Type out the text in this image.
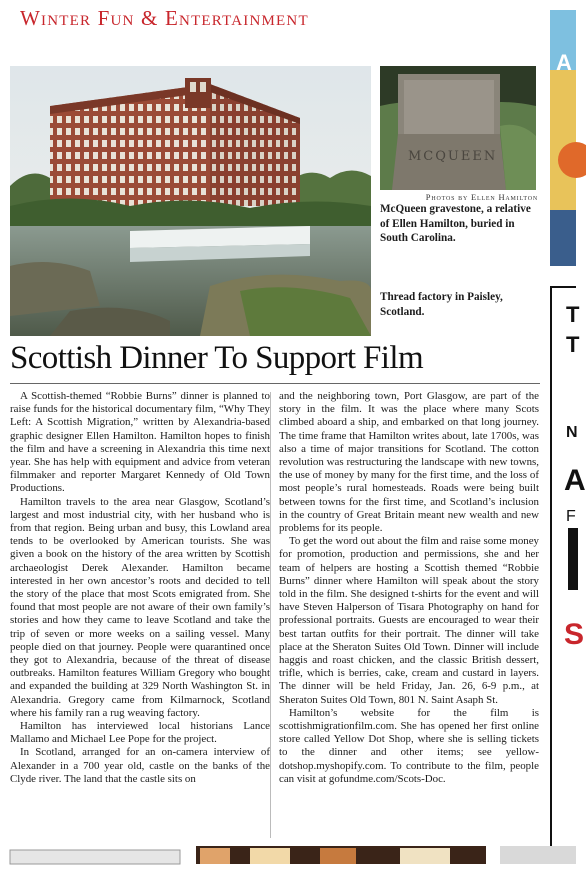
Winter Fun & Entertainment
MCQUEEN
Photos by Ellen Hamilton
McQueen gravestone, a relative of Ellen Hamilton, buried in South Carolina.
Thread factory in Paisley, Scotland.
Scottish Dinner To Support Film

A Scottish-themed “Robbie Burns” dinner is planned to raise funds for the historical documentary film, “Why They Left: A Scottish Migration,” written by Alexandria-based graphic designer Ellen Hamilton. Hamilton hopes to finish the film and have a screening in Alexandria this time next year. She has help with equipment and advice from veteran filmmaker and reporter Margaret Kennedy of Old Town Productions.

Hamilton travels to the area near Glasgow, Scotland’s largest and most industrial city, with her husband who is from that region. Being urban and busy, this Lowland area tends to be overlooked by American tourists. She was given a book on the history of the area written by Scottish archaeologist Derek Alexander. Hamilton became interested in her own ancestor’s roots and decided to tell the story of the place that most Scots emigrated from. She found that most people are not aware of their own family’s stories and how they came to leave Scotland and take the trip of seven or more weeks on a sailing vessel. Many people died on that journey. People were quarantined once they got to Alexandria, because of the threat of disease outbreaks. Hamilton features William Gregory who bought and expanded the building at 329 North Washington St. in Alexandria. Gregory came from Kilmarnock, Scotland where his family ran a rug weaving factory.

Hamilton has interviewed local historians Lance Mallamo and Michael Lee Pope for the project.

In Scotland, arranged for an on-camera interview of Alexander in a 700 year old, castle on the banks of the Clyde river. The land that the castle sits on

and the neighboring town, Port Glasgow, are part of the story in the film. It was the place where many Scots climbed aboard a ship, and embarked on that long journey. The time frame that Hamilton writes about, late 1700s, was also a time of major transitions for Scotland. The cotton revolution was restructuring the landscape with new towns, the use of money by many for the first time, and the loss of most people’s rural homesteads. Roads were being built between towns for the first time, and Scotland’s inclusion in the country of Great Britain meant new wealth and new problems for its people.

To get the word out about the film and raise some money for promotion, production and permissions, she and her team of helpers are hosting a Scottish themed “Robbie Burns” dinner where Hamilton will speak about the story told in the film. She designed t-shirts for the event and will have Steven Halperson of Tisara Photography on hand for professional portraits. Guests are encouraged to wear their best tartan outfits for their portrait. The dinner will take place at the Sheraton Suites Old Town. Dinner will include haggis and roast chicken, and the classic British dessert, trifle, which is berries, cake, cream and custard in layers. The dinner will be held Friday, Jan. 26, 6-9 p.m., at Sheraton Suites Old Town, 801 N. Saint Asaph St.

Hamilton’s website for the film is scottishmigrationfilm.com. She has opened her first online store called Yellow Dot Shop, where she is selling tickets to the dinner and other items; see yellow-dotshop.myshopify.com. To contribute to the film, people can visit at gofundme.com/Scots-Doc.

A
T
T
N
A
F
S
